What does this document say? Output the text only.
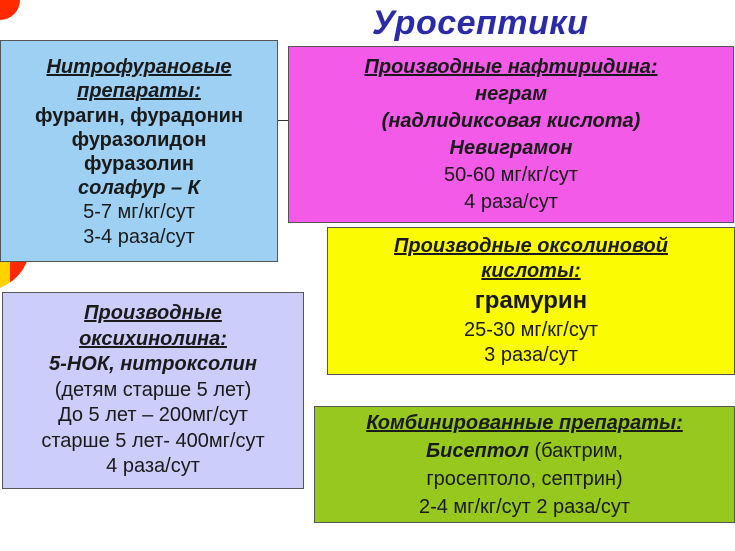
Уросептики
Нитрофурановые
препараты:
фурагин, фурадонин
фуразолидон
фуразолин
солафур – К
5-7 мг/кг/сут
3-4 раза/сут
Производные нафтиридина:
неграм
(надлидиксовая кислота)
Невиграмон
50-60 мг/кг/сут
4 раза/сут
Производные оксолиновой
кислоты:
грамурин
25-30 мг/кг/сут
3 раза/сут
Производные
оксихинолина:
5-НОК, нитроксолин
(детям старше 5 лет)
До 5 лет – 200мг/сут
старше 5 лет- 400мг/сут
4 раза/сут
Комбинированные препараты:
Бисептол (бактрим,
гросептоло, септрин)
2-4 мг/кг/сут 2 раза/сут
